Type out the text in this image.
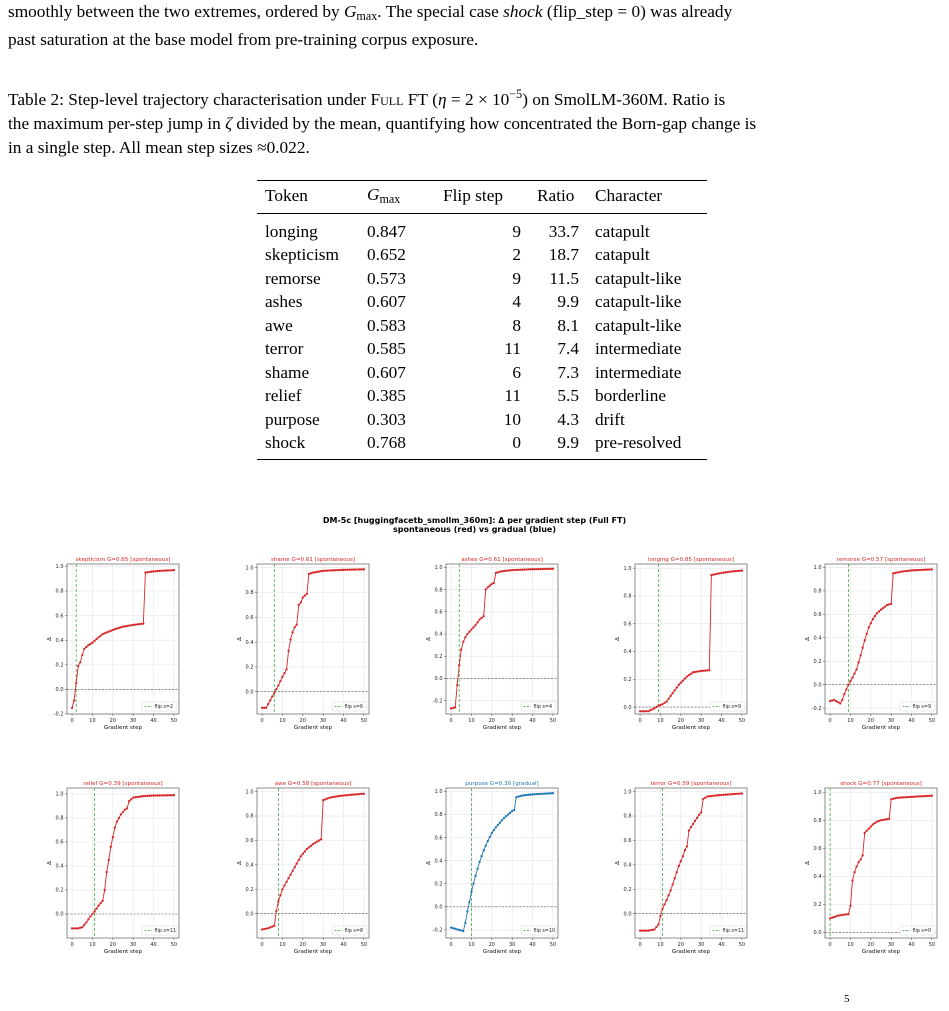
smoothly between the two extremes, ordered by $G_{max}$. The special case shock (flip_step = 0) was already

past saturation at the base model from pre-training corpus exposure.

Table 2: Step-level trajectory characterisation under Full FT $(\eta = 2 \times 10^{-5})$ on SmolLM-360M. Ratio is

the maximum per-step jump in ζ divided by the mean, quantifying how concentrated the Born-gap change is

in a single step. All mean step sizes ≈0.022.

Token	$G_{max}$	Flip step	Ratio	Character
longing	0.847	9	33.7	catapult
skepticism	0.652	2	18.7	catapult
remorse	0.573	9	11.5	catapult-like
ashes	0.607	4	9.9	catapult-like
awe	0.583	8	8.1	catapult-like
terror	0.585	11	7.4	intermediate
shame	0.607	6	7.3	intermediate
relief	0.385	11	5.5	borderline
purpose	0.303	10	4.3	drift
shock	0.768	0	9.9	pre-resolved
DM-5c [huggingfacetb_smollm_360m]: Δ per gradient step (Full FT)
spontaneous (red) vs gradual (blue)
-0.2
0.0
0.2
0.4
0.6
0.8
1.0
0	10	20	30	40	50
Gradient step
Δ
skepticism G=0.65 [spontaneous]
flip s=2
0.0
0.2
0.4
0.6
0.8
1.0
0	10	20	30	40	50
Gradient step
Δ
shame G=0.61 [spontaneous]
flip s=6
-0.2
0.0
0.2
0.4
0.6
0.8
1.0
0	10	20	30	40	50
Gradient step
Δ
ashes G=0.61 [spontaneous]
flip s=4	0.0
0.2
0.4
0.6
0.8
1.0
0	10	20	30	40	50
Gradient step
Δ
longing G=0.85 [spontaneous]
flip s=9	-0.2
0.0
0.2
0.4
0.6
0.8
1.0
0	10	20	30	40	50
Gradient step
Δ
remorse G=0.57 [spontaneous]
flip s=9
0.0
0.2
0.4
0.6
0.8
1.0
0	10	20	30	40	50
Gradient step
Δ
relief G=0.39 [spontaneous]
flip s=11
0.0
0.2
0.4
0.6
0.8
1.0
0	10	20	30	40	50
Gradient step
Δ
awe G=0.58 [spontaneous]
flip s=8	-0.2
0.0
0.2
0.4
0.6
0.8
1.0
0	10	20	30	40	50
Gradient step
Δ
purpose G=0.30 [gradual]
flip s=10
0.0
0.2
0.4
0.6
0.8
1.0
0	10	20	30	40	50
Gradient step
Δ
terror G=0.59 [spontaneous]
flip s=11	0.0
0.2
0.4
0.6
0.8
1.0
0	10	20	30	40	50
Gradient step
Δ
shock G=0.77 [spontaneous]
flip s=0
5
